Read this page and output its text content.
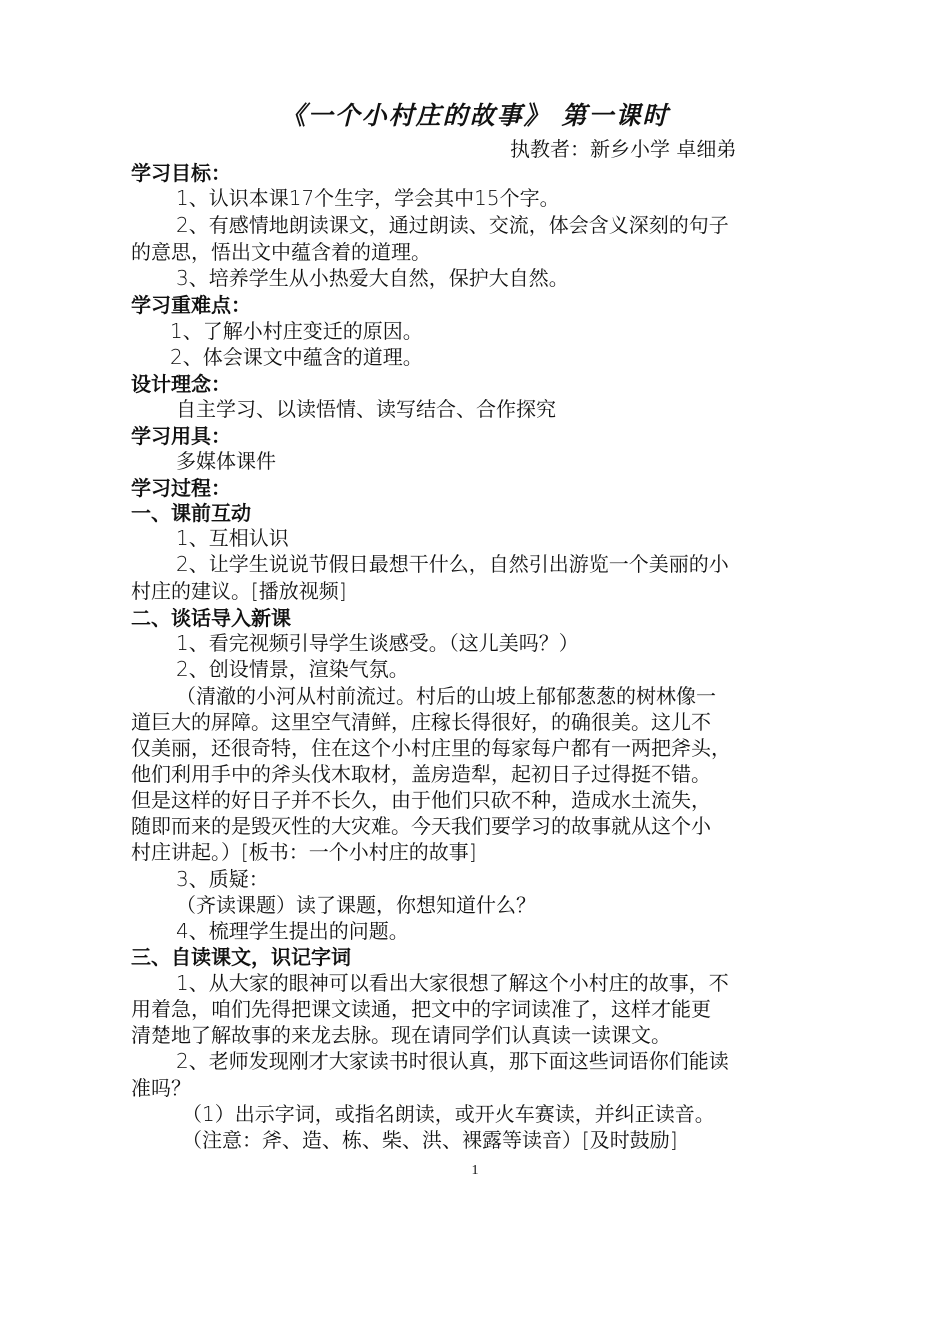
《一个小村庄的故事》 第一课时
执教者：新乡小学 卓细弟
学习目标：
1、认识本课17个生字，学会其中15个字。
2、有感情地朗读课文，通过朗读、交流，体会含义深刻的句子
的意思，悟出文中蕴含着的道理。
3、培养学生从小热爱大自然，保护大自然。
学习重难点：
1、了解小村庄变迁的原因。
2、体会课文中蕴含的道理。
设计理念：
自主学习、以读悟情、读写结合、合作探究
学习用具：
多媒体课件
学习过程：
一、课前互动
1、互相认识
2、让学生说说节假日最想干什么，自然引出游览一个美丽的小
村庄的建议。[播放视频]
二、谈话导入新课
1、看完视频引导学生谈感受。（这儿美吗？）
2、创设情景，渲染气氛。
（清澈的小河从村前流过。村后的山坡上郁郁葱葱的树林像一
道巨大的屏障。这里空气清鲜，庄稼长得很好，的确很美。这儿不
仅美丽，还很奇特，住在这个小村庄里的每家每户都有一两把斧头，
他们利用手中的斧头伐木取材，盖房造犁，起初日子过得挺不错。
但是这样的好日子并不长久，由于他们只砍不种，造成水土流失，
随即而来的是毁灭性的大灾难。今天我们要学习的故事就从这个小
村庄讲起。）[板书：一个小村庄的故事]
3、质疑：
（齐读课题）读了课题，你想知道什么？
4、梳理学生提出的问题。
三、自读课文，识记字词
1、从大家的眼神可以看出大家很想了解这个小村庄的故事，不
用着急，咱们先得把课文读通，把文中的字词读准了，这样才能更
清楚地了解故事的来龙去脉。现在请同学们认真读一读课文。
2、老师发现刚才大家读书时很认真，那下面这些词语你们能读
准吗？
（1）出示字词，或指名朗读，或开火车赛读，并纠正读音。
（注意：斧、造、栋、柴、洪、裸露等读音）[及时鼓励]
1
